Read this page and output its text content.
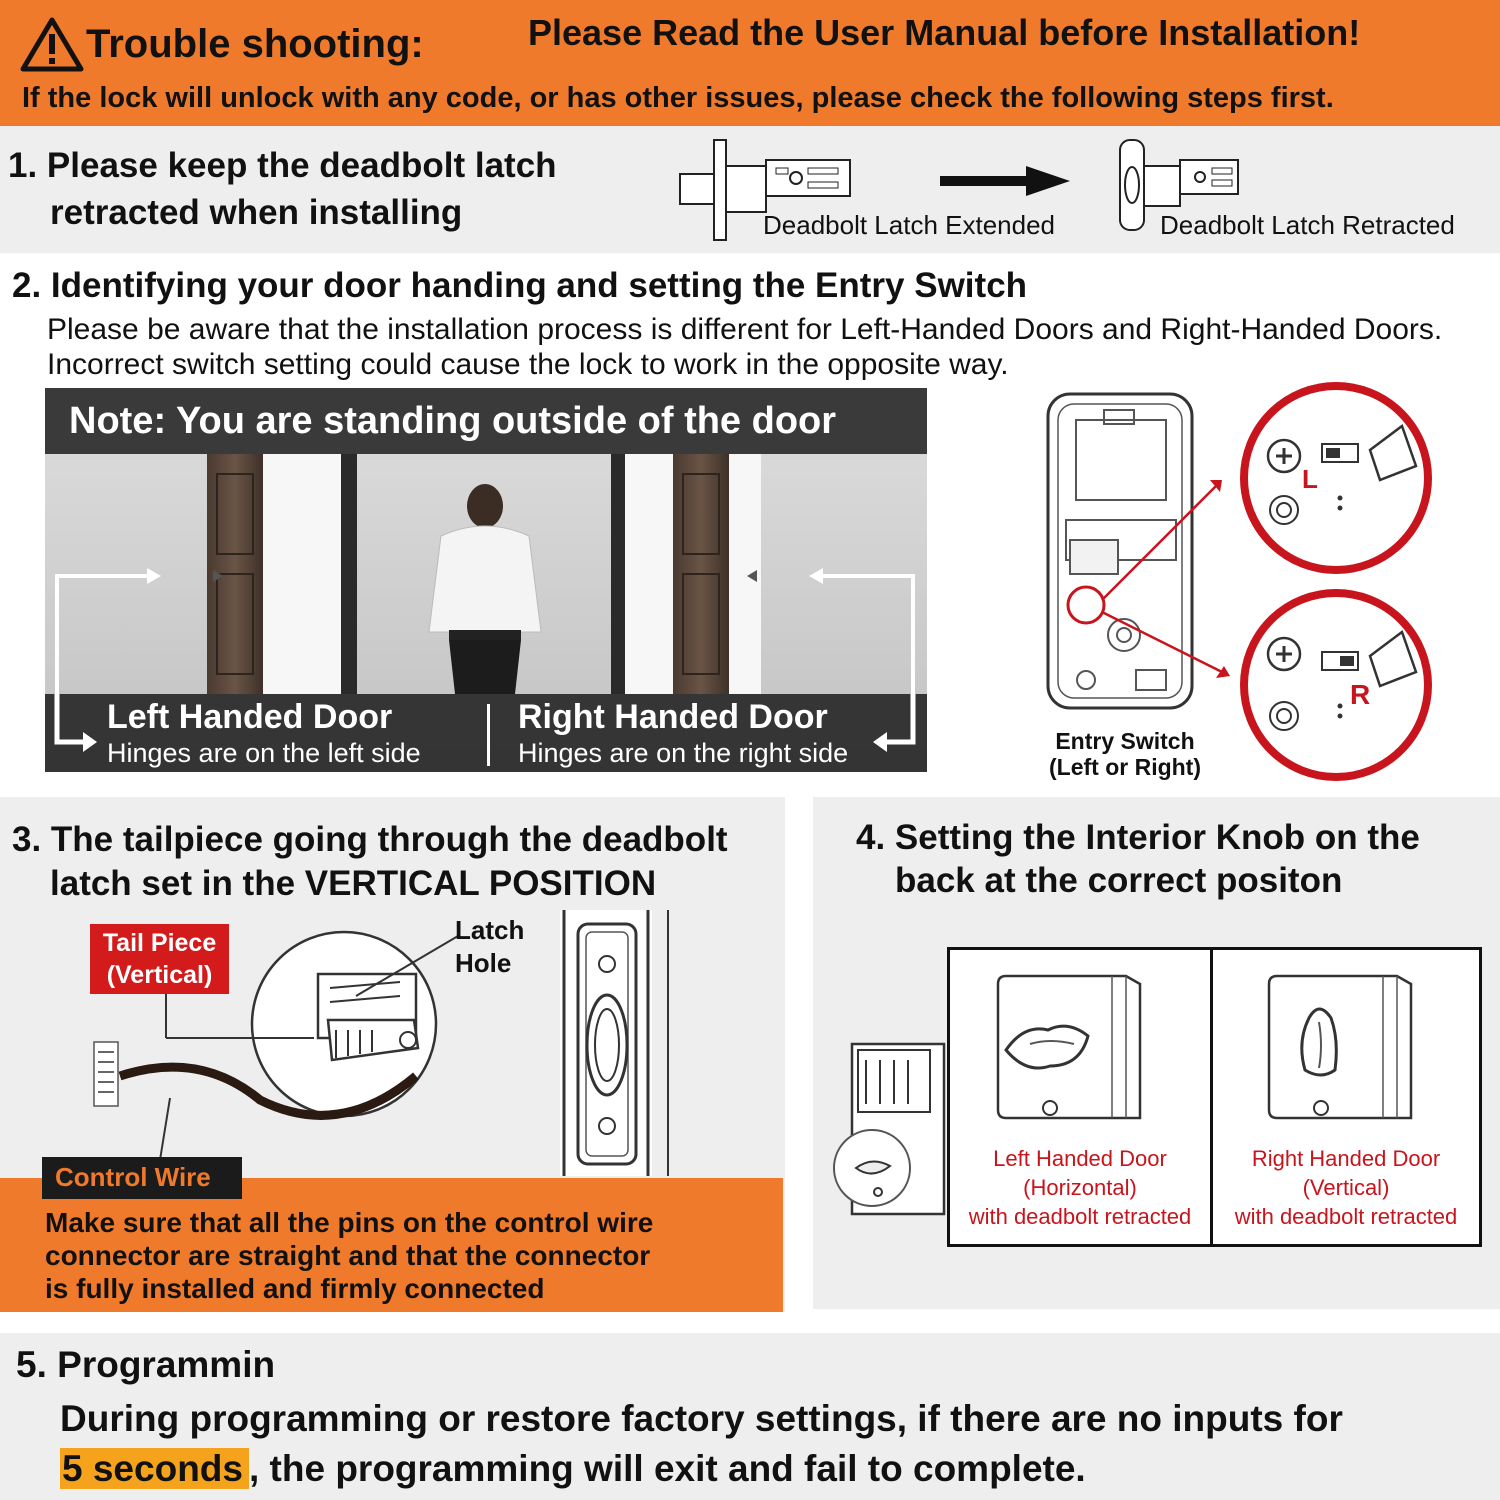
Trouble shooting:	Please Read the User Manual before Installation!
If the lock will unlock with any code, or has other issues, please check the following steps first.
1. Please keep the deadbolt latch
retracted when installing	Deadbolt Latch Extended	Deadbolt Latch Retracted
2. Identifying your door handing and setting the Entry Switch
Please be aware that the installation process is different for Left-Handed Doors and Right-Handed Doors. Incorrect switch setting could cause the lock to work in the opposite way.
Note: You are standing outside of the door
Left Handed Door
Hinges are on the left side
Right Handed Door
Hinges are on the right side
L
R
Entry Switch
(Left or Right)
3. The tailpiece going through the deadbolt
latch set in the VERTICAL POSITION
Tail Piece
(Vertical)
Latch
Hole
Make sure that all the pins on the control wire
connector are straight and that the connector
is fully installed and firmly connected
Control Wire
4. Setting the Interior Knob on the
back at the correct positon
Left Handed Door
(Horizontal)
with deadbolt retracted
Right Handed Door
(Vertical)
with deadbolt retracted
5. Programmin
During programming or restore factory settings, if there are no inputs for
5 seconds , the programming will exit and fail to complete.
